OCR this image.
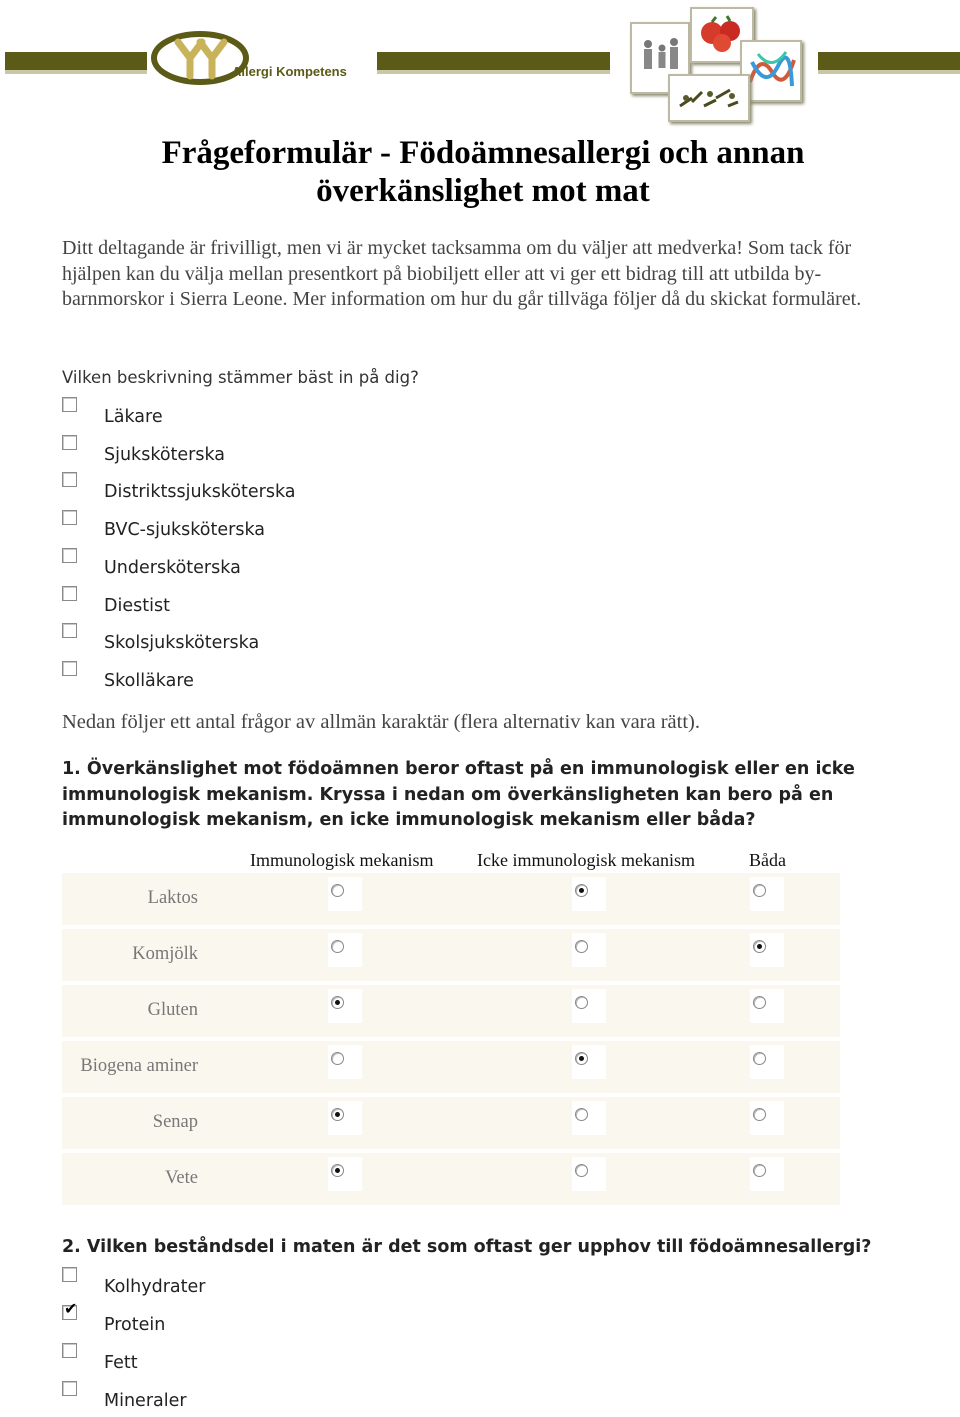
Allergi Kompetens
Frågeformulär - Födoämnesallergi och annan
överkänslighet mot mat

Ditt deltagande är frivilligt, men vi är mycket tacksamma om du väljer att medverka! Som tack för hjälpen kan du välja mellan presentkort på biobiljett eller att vi ger ett bidrag till att utbilda by-barnmorskor i Sierra Leone. Mer information om hur du går tillväga följer då du skickat formuläret.

Vilken beskrivning stämmer bäst in på dig?
Läkare
Sjuksköterska
Distriktssjuksköterska
BVC-sjuksköterska
Undersköterska
Diestist
Skolsjuksköterska
Skolläkare
Nedan följer ett antal frågor av allmän karaktär (flera alternativ kan vara rätt).
1. Överkänslighet mot födoämnen beror oftast på en immunologisk eller en icke immunologisk mekanism. Kryssa i nedan om överkänsligheten kan bero på en immunologisk mekanism, en icke immunologisk mekanism eller båda?
Immunologisk mekanism Icke immunologisk mekanism	Båda
Laktos
Komjölk
Gluten
Biogena aminer
Senap
Vete
2. Vilken beståndsdel i maten är det som oftast ger upphov till födoämnesallergi?
Kolhydrater
✔
Protein
Fett
Mineraler
